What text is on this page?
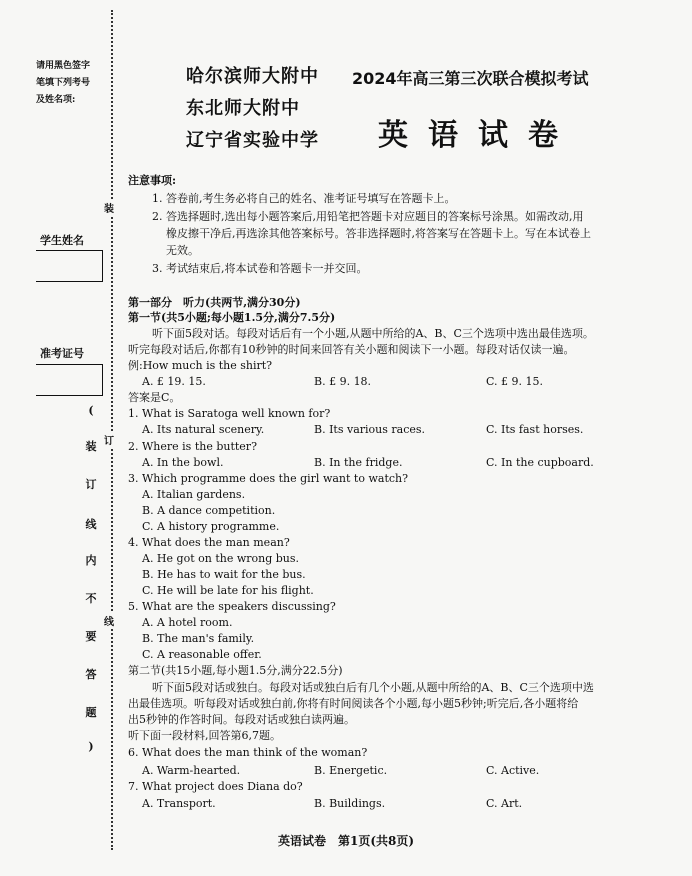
请用黑色签字
笔填下列考号
及姓名项:
学生姓名
准考证号
装
订
线
(
装
订
线
内
不
要
答
题
)
哈尔滨师大附中
东北师大附中
辽宁省实验中学
2024年高三第三次联合模拟考试
英语试卷
注意事项:
1. 答卷前,考生务必将自己的姓名、准考证号填写在答题卡上。
2. 答选择题时,选出每小题答案后,用铅笔把答题卡对应题目的答案标号涂黑。如需改动,用
橡皮擦干净后,再选涂其他答案标号。答非选择题时,将答案写在答题卡上。写在本试卷上
无效。
3. 考试结束后,将本试卷和答题卡一并交回。
第一部分　听力(共两节,满分30分)
第一节(共5小题;每小题1.5分,满分7.5分)
听下面5段对话。每段对话后有一个小题,从题中所给的A、B、C三个选项中选出最佳选项。
听完每段对话后,你都有10秒钟的时间来回答有关小题和阅读下一小题。每段对话仅读一遍。
例:How much is the shirt?
A. £ 19. 15.	B. £ 9. 18.	C. £ 9. 15.
答案是C。
1. What is Saratoga well known for?
A. Its natural scenery.	B. Its various races.	C. Its fast horses.
2. Where is the butter?
A. In the bowl.	B. In the fridge.	C. In the cupboard.
3. Which programme does the girl want to watch?
A. Italian gardens.
B. A dance competition.
C. A history programme.
4. What does the man mean?
A. He got on the wrong bus.
B. He has to wait for the bus.
C. He will be late for his flight.
5. What are the speakers discussing?
A. A hotel room.
B. The man's family.
C. A reasonable offer.
第二节(共15小题,每小题1.5分,满分22.5分)
听下面5段对话或独白。每段对话或独白后有几个小题,从题中所给的A、B、C三个选项中选
出最佳选项。听每段对话或独白前,你将有时间阅读各个小题,每小题5秒钟;听完后,各小题将给
出5秒钟的作答时间。每段对话或独白读两遍。
听下面一段材料,回答第6,7题。
6. What does the man think of the woman?
A. Warm-hearted.	B. Energetic.	C. Active.
7. What project does Diana do?
A. Transport.	B. Buildings.	C. Art.
英语试卷　第1页(共8页)
